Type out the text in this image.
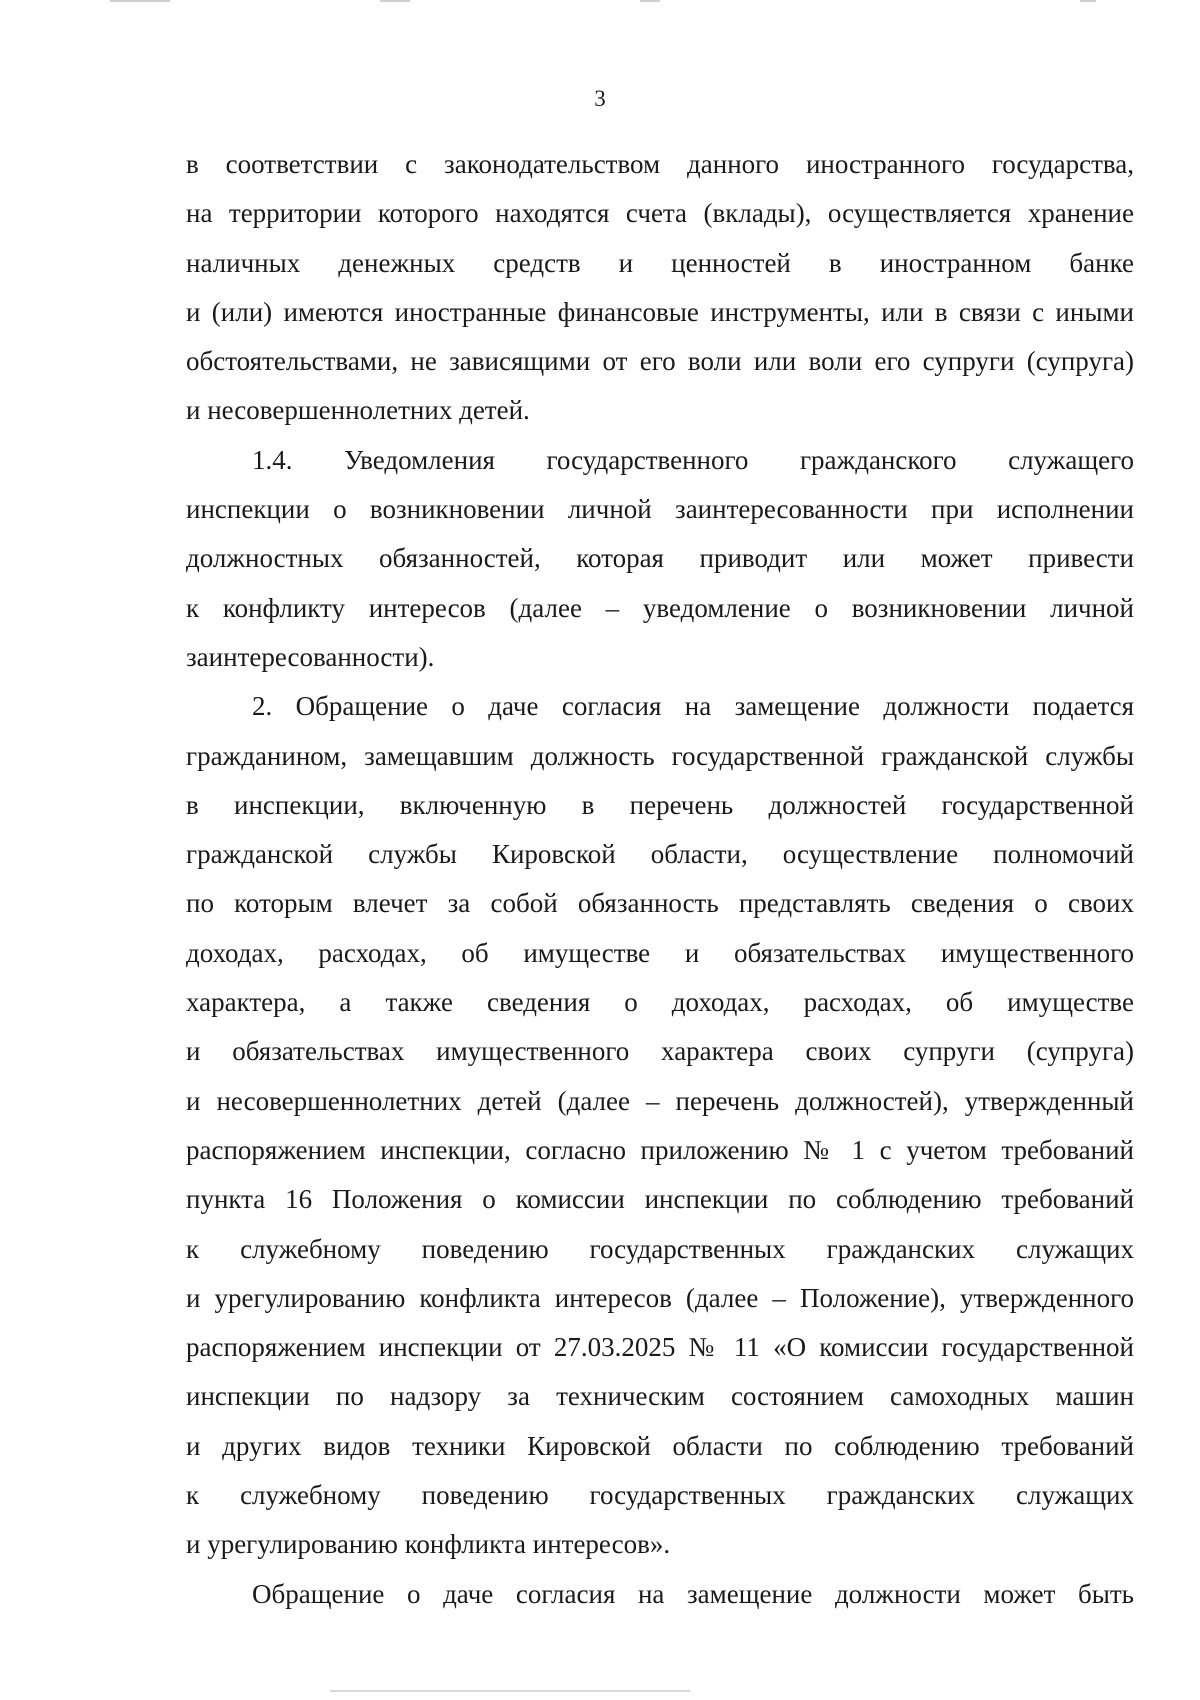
3
в соответствии с законодательством данного иностранного государства,
на территории которого находятся счета (вклады), осуществляется хранение
наличных денежных средств и ценностей в иностранном банке
и (или) имеются иностранные финансовые инструменты, или в связи с иными
обстоятельствами, не зависящими от его воли или воли его супруги (супруга)
и несовершеннолетних детей.
1.4. Уведомления государственного гражданского служащего
инспекции о возникновении личной заинтересованности при исполнении
должностных обязанностей, которая приводит или может привести
к конфликту интересов (далее – уведомление о возникновении личной
заинтересованности).
2. Обращение о даче согласия на замещение должности подается
гражданином, замещавшим должность государственной гражданской службы
в инспекции, включенную в перечень должностей государственной
гражданской службы Кировской области, осуществление полномочий
по которым влечет за собой обязанность представлять сведения о своих
доходах, расходах, об имуществе и обязательствах имущественного
характера, а также сведения о доходах, расходах, об имуществе
и обязательствах имущественного характера своих супруги (супруга)
и несовершеннолетних детей (далее – перечень должностей), утвержденный
распоряжением инспекции, согласно приложению № 1 с учетом требований
пункта 16 Положения о комиссии инспекции по соблюдению требований
к служебному поведению государственных гражданских служащих
и урегулированию конфликта интересов (далее – Положение), утвержденного
распоряжением инспекции от 27.03.2025 № 11 «О комиссии государственной
инспекции по надзору за техническим состоянием самоходных машин
и других видов техники Кировской области по соблюдению требований
к служебному поведению государственных гражданских служащих
и урегулированию конфликта интересов».
Обращение о даче согласия на замещение должности может быть
